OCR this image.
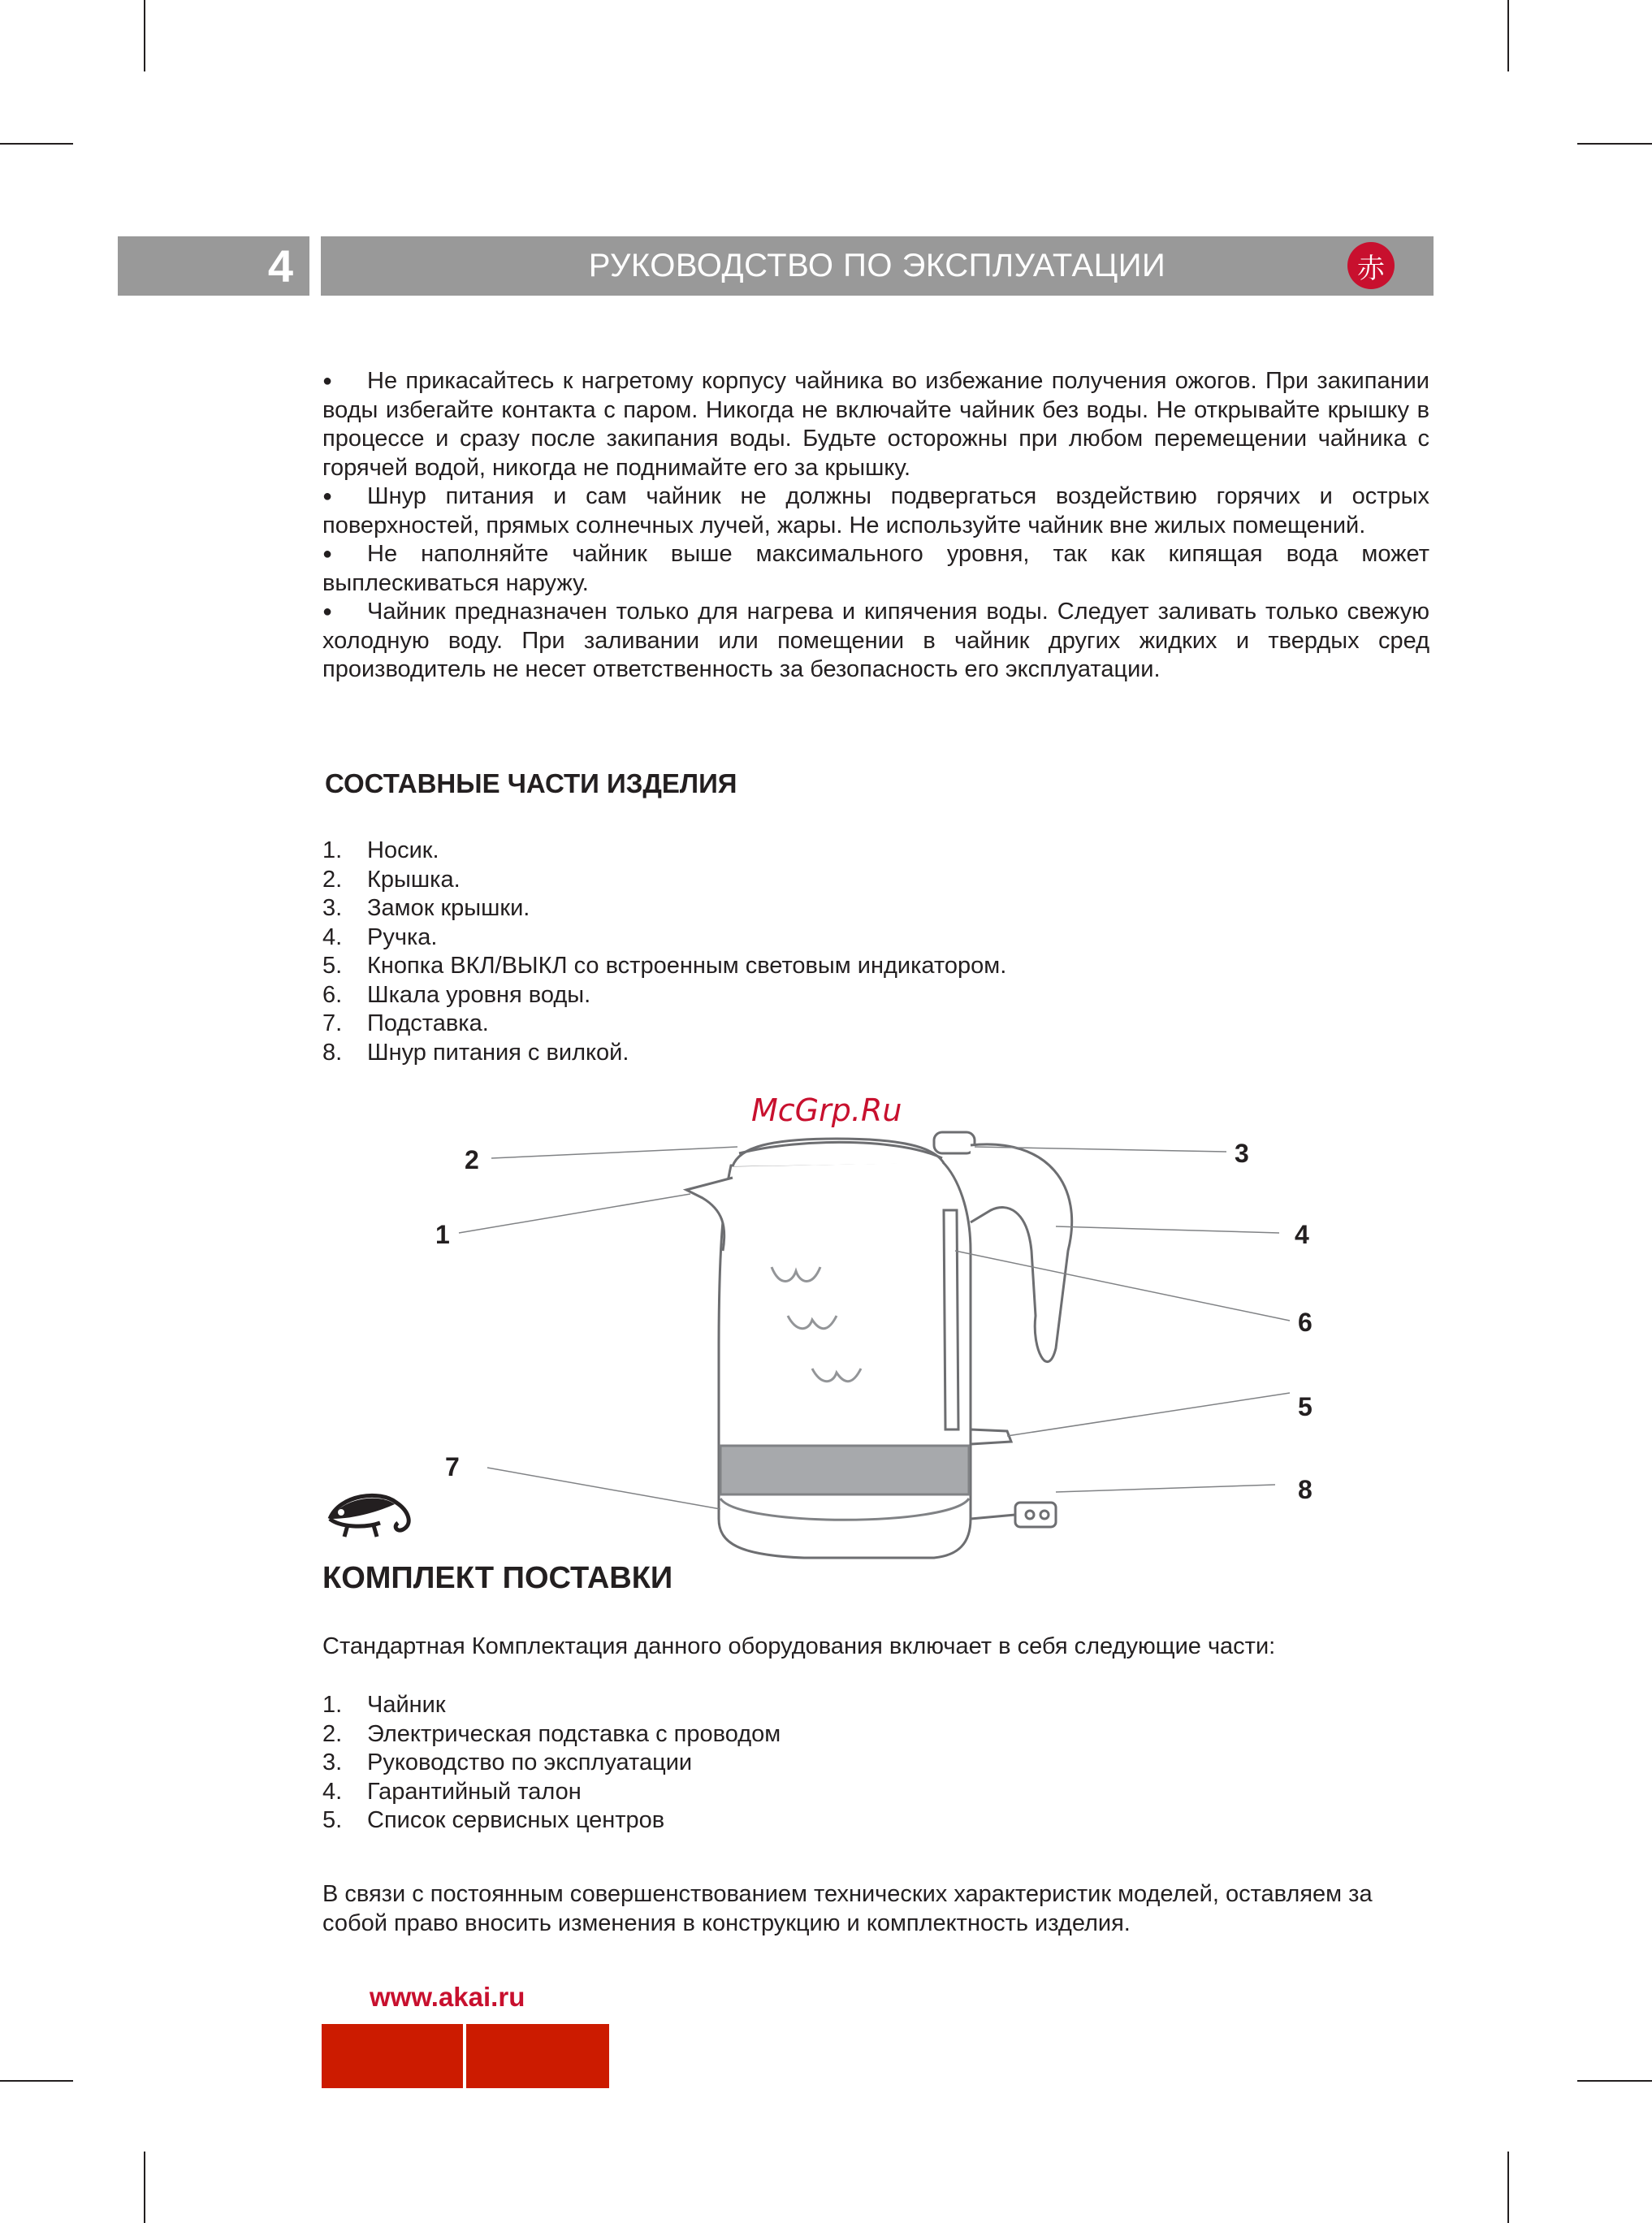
4	РУКОВОДСТВО ПО ЭКСПЛУАТАЦИИ	赤

● Не прикасайтесь к нагретому корпусу чайника во избежание получения ожогов. При закипании воды избегайте контакта с паром. Никогда не включайте чайник без воды. Не открывайте крышку в процессе и сразу после закипания воды. Будьте осторожны при любом перемещении чайника с горячей водой, никогда не поднимайте его за крышку.

● Шнур питания и сам чайник не должны подвергаться воздействию горячих и острых поверхностей, прямых солнечных лучей, жары. Не используйте чайник вне жилых помещений.

● Не наполняйте чайник выше максимального уровня, так как кипящая вода может выплескиваться наружу.

● Чайник предназначен только для нагрева и кипячения воды. Следует заливать только свежую холодную воду. При заливании или помещении в чайник других жидких и твердых сред производитель не несет ответственность за безопасность его эксплуатации.

СОСТАВНЫЕ ЧАСТИ ИЗДЕЛИЯ
1.	Носик.
2.	Крышка.
3.	Замок крышки.
4.	Ручка.
5.	Кнопка ВКЛ/ВЫКЛ со встроенным световым индикатором.
6.	Шкала уровня воды.
7.	Подставка.
8.	Шнур питания с вилкой.
1
2	3
4
6
5
7
8
McGrp.Ru
КОМПЛЕКТ ПОСТАВКИ
Стандартная Комплектация данного оборудования включает в себя следующие части:
1.	Чайник
2.	Электрическая подставка с проводом
3.	Руководство по эксплуатации
4.	Гарантийный талон
5.	Список сервисных центров
В связи с постоянным совершенствованием технических характеристик моделей, оставляем за собой право вносить изменения в конструкцию и комплектность изделия.
www.akai.ru
